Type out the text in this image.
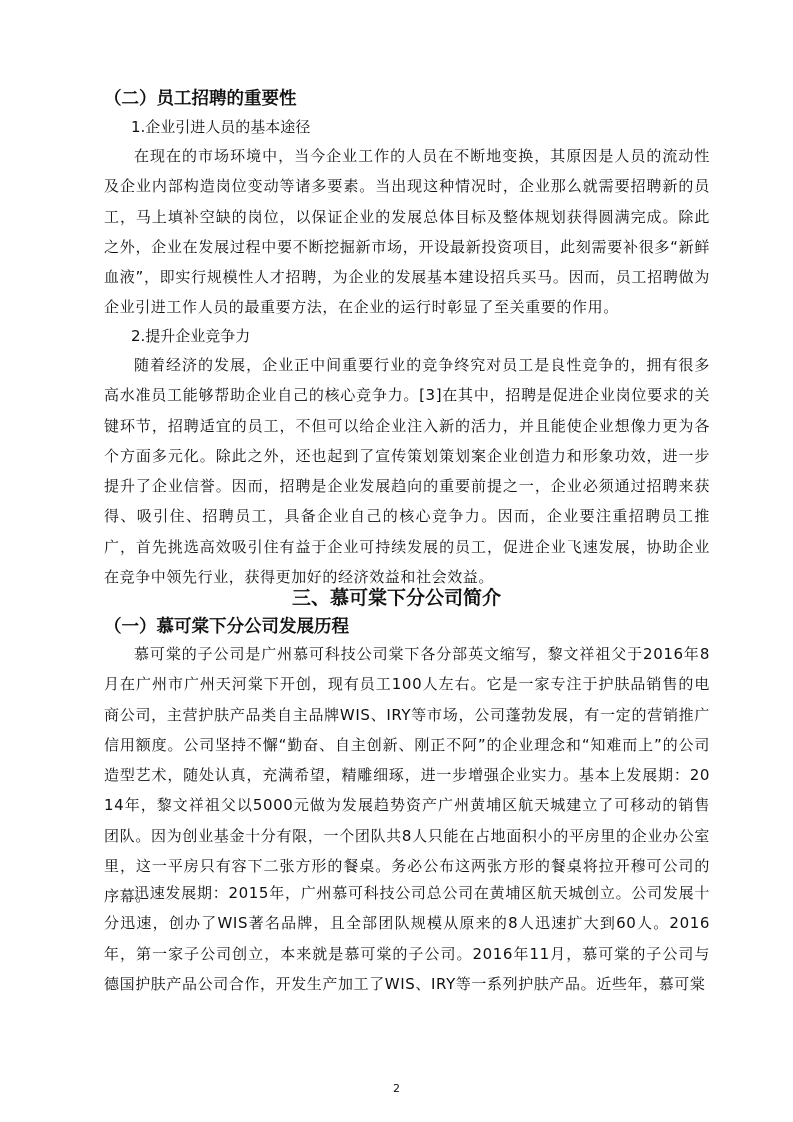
（二）员工招聘的重要性
1.企业引进人员的基本途径

在现在的市场环境中，当今企业工作的人员在不断地变换，其原因是人员的流动性及企业内部构造岗位变动等诸多要素。当出现这种情况时，企业那么就需要招聘新的员工，马上填补空缺的岗位，以保证企业的发展总体目标及整体规划获得圆满完成。除此之外，企业在发展过程中要不断挖掘新市场，开设最新投资项目，此刻需要补很多“新鲜血液”，即实行规模性人才招聘，为企业的发展基本建设招兵买马。因而，员工招聘做为企业引进工作人员的最重要方法，在企业的运行时彰显了至关重要的作用。

2.提升企业竞争力

随着经济的发展，企业正中间重要行业的竞争终究对员工是良性竞争的，拥有很多高水准员工能够帮助企业自己的核心竞争力。[3]在其中，招聘是促进企业岗位要求的关键环节，招聘适宜的员工，不但可以给企业注入新的活力，并且能使企业想像力更为各个方面多元化。除此之外，还也起到了宣传策划策划案企业创造力和形象功效，进一步提升了企业信誉。因而，招聘是企业发展趋向的重要前提之一，企业必须通过招聘来获得、吸引住、招聘员工，具备企业自己的核心竞争力。因而，企业要注重招聘员工推广，首先挑选高效吸引住有益于企业可持续发展的员工，促进企业飞速发展，协助企业在竞争中领先行业，获得更加好的经济效益和社会效益。

三、慕可棠下分公司简介
（一）慕可棠下分公司发展历程

慕可棠的子公司是广州慕可科技公司棠下各分部英文缩写，黎文祥祖父于2016年8月在广州市广州天河棠下开创，现有员工100人左右。它是一家专注于护肤品销售的电商公司，主营护肤产品类自主品牌WIS、IRY等市场，公司蓬勃发展，有一定的营销推广信用额度。公司坚持不懈“勤奋、自主创新、刚正不阿”的企业理念和“知难而上”的公司造型艺术，随处认真，充满希望，精雕细琢，进一步增强企业实力。基本上发展期：2014年，黎文祥祖父以5000元做为发展趋势资产广州黄埔区航天城建立了可移动的销售团队。因为创业基金十分有限，一个团队共8人只能在占地面积小的平房里的企业办公室里，这一平房只有容下二张方形的餐桌。务必公布这两张方形的餐桌将拉开穆可公司的序幕。

迅速发展期：2015年，广州慕可科技公司总公司在黄埔区航天城创立。公司发展十分迅速，创办了WIS著名品牌，且全部团队规模从原来的8人迅速扩大到60人。2016年，第一家子公司创立，本来就是慕可棠的子公司。2016年11月，慕可棠的子公司与德国护肤产品公司合作，开发生产加工了WIS、IRY等一系列护肤产品。近些年，慕可棠

2
